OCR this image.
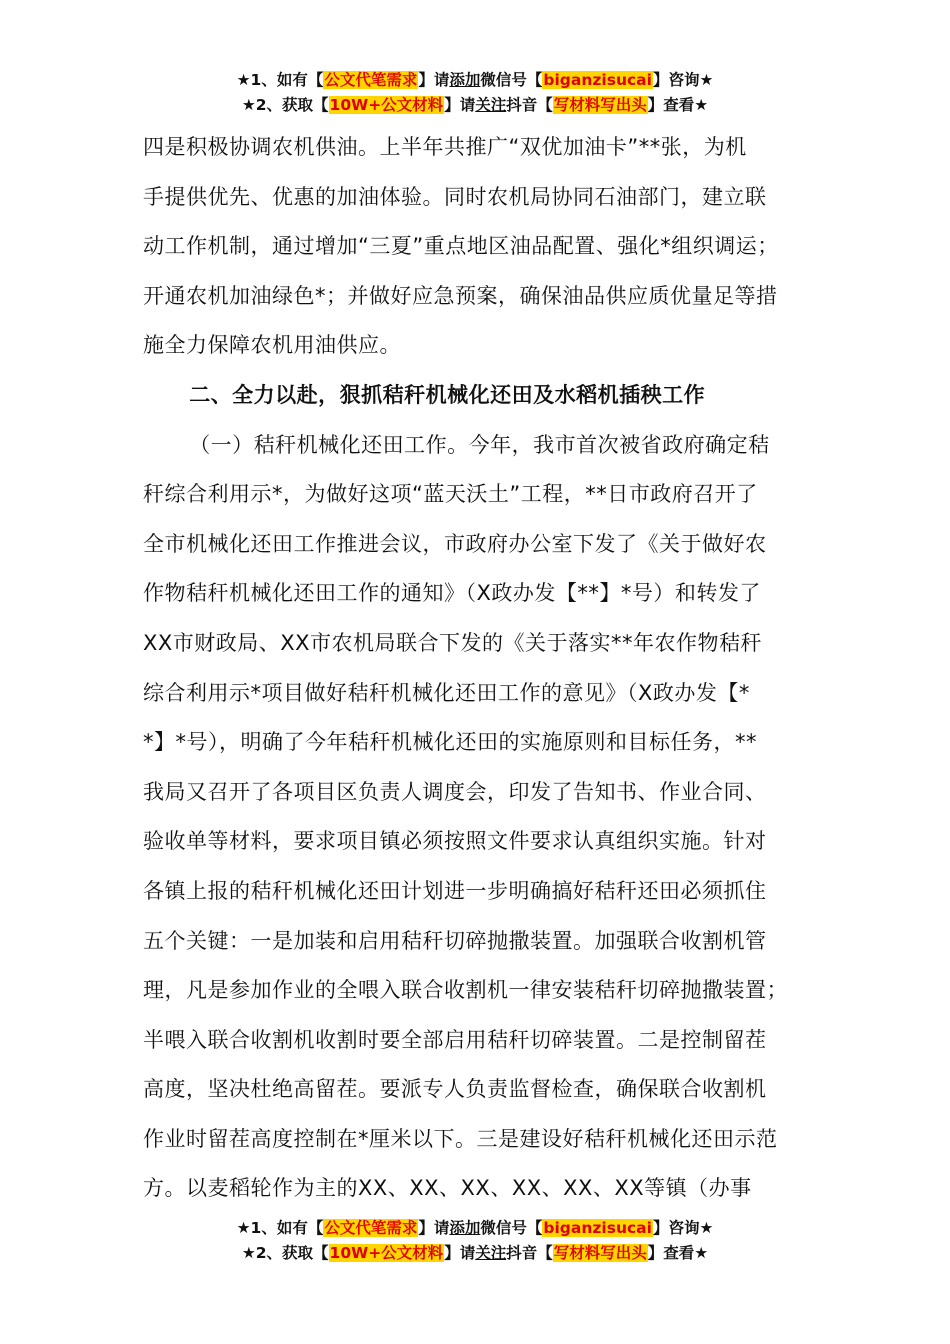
★1、如有【公文代笔需求】请添加微信号【biganzisucai】咨询★
★2、获取【10W+公文材料】请关注抖音【写材料写出头】查看★

四是积极协调农机供油。上半年共推广“双优加油卡”**张，为机

手提供优先、优惠的加油体验。同时农机局协同石油部门，建立联

动工作机制，通过增加“三夏”重点地区油品配置、强化*组织调运；

开通农机加油绿色*；并做好应急预案，确保油品供应质优量足等措

施全力保障农机用油供应。

二、全力以赴，狠抓秸秆机械化还田及水稻机插秧工作

（一）秸秆机械化还田工作。今年，我市首次被省政府确定秸

秆综合利用示*，为做好这项“蓝天沃土”工程，**日市政府召开了

全市机械化还田工作推进会议，市政府办公室下发了《关于做好农

作物秸秆机械化还田工作的通知》（X政办发【**】*号）和转发了

XX市财政局、XX市农机局联合下发的《关于落实**年农作物秸秆

综合利用示*项目做好秸秆机械化还田工作的意见》（X政办发【*

*】*号），明确了今年秸秆机械化还田的实施原则和目标任务，**

我局又召开了各项目区负责人调度会，印发了告知书、作业合同、

验收单等材料，要求项目镇必须按照文件要求认真组织实施。针对

各镇上报的秸秆机械化还田计划进一步明确搞好秸秆还田必须抓住

五个关键：一是加装和启用秸秆切碎抛撒装置。加强联合收割机管

理，凡是参加作业的全喂入联合收割机一律安装秸秆切碎抛撒装置；

半喂入联合收割机收割时要全部启用秸秆切碎装置。二是控制留茬

高度，坚决杜绝高留茬。要派专人负责监督检查，确保联合收割机

作业时留茬高度控制在*厘米以下。三是建设好秸秆机械化还田示范

方。以麦稻轮作为主的XX、XX、XX、XX、XX、XX等镇（办事

★1、如有【公文代笔需求】请添加微信号【biganzisucai】咨询★
★2、获取【10W+公文材料】请关注抖音【写材料写出头】查看★
